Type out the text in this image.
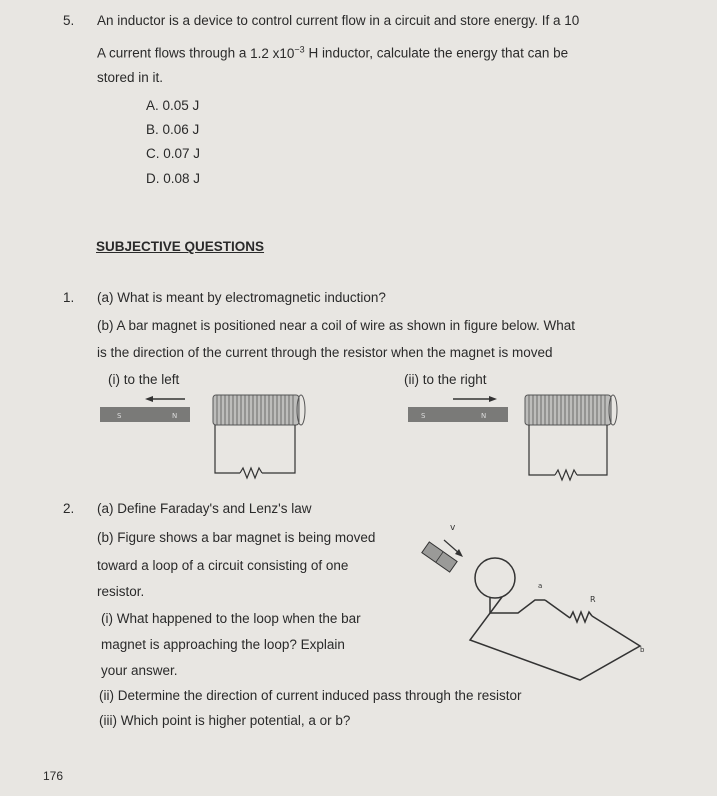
5. An inductor is a device to control current flow in a circuit and store energy. If a 10
A current flows through a 1.2 $x10^{-3}$ H inductor, calculate the energy that can be
stored in it.
A. 0.05 J
B. 0.06 J
C. 0.07 J
D. 0.08 J
SUBJECTIVE QUESTIONS
1. (a) What is meant by electromagnetic induction?
(b) A bar magnet is positioned near a coil of wire as shown in figure below. What
is the direction of the current through the resistor when the magnet is moved
(i) to the left	(ii) to the right
S	N	S	N
2. (a) Define Faraday's and Lenz's law
(b) Figure shows a bar magnet is being moved
toward a loop of a circuit consisting of one
resistor.
(i) What happened to the loop when the bar
magnet is approaching the loop? Explain
your answer.
(ii) Determine the direction of current induced pass through the resistor
(iii) Which point is higher potential, a or b?
v
a
R
b
176
